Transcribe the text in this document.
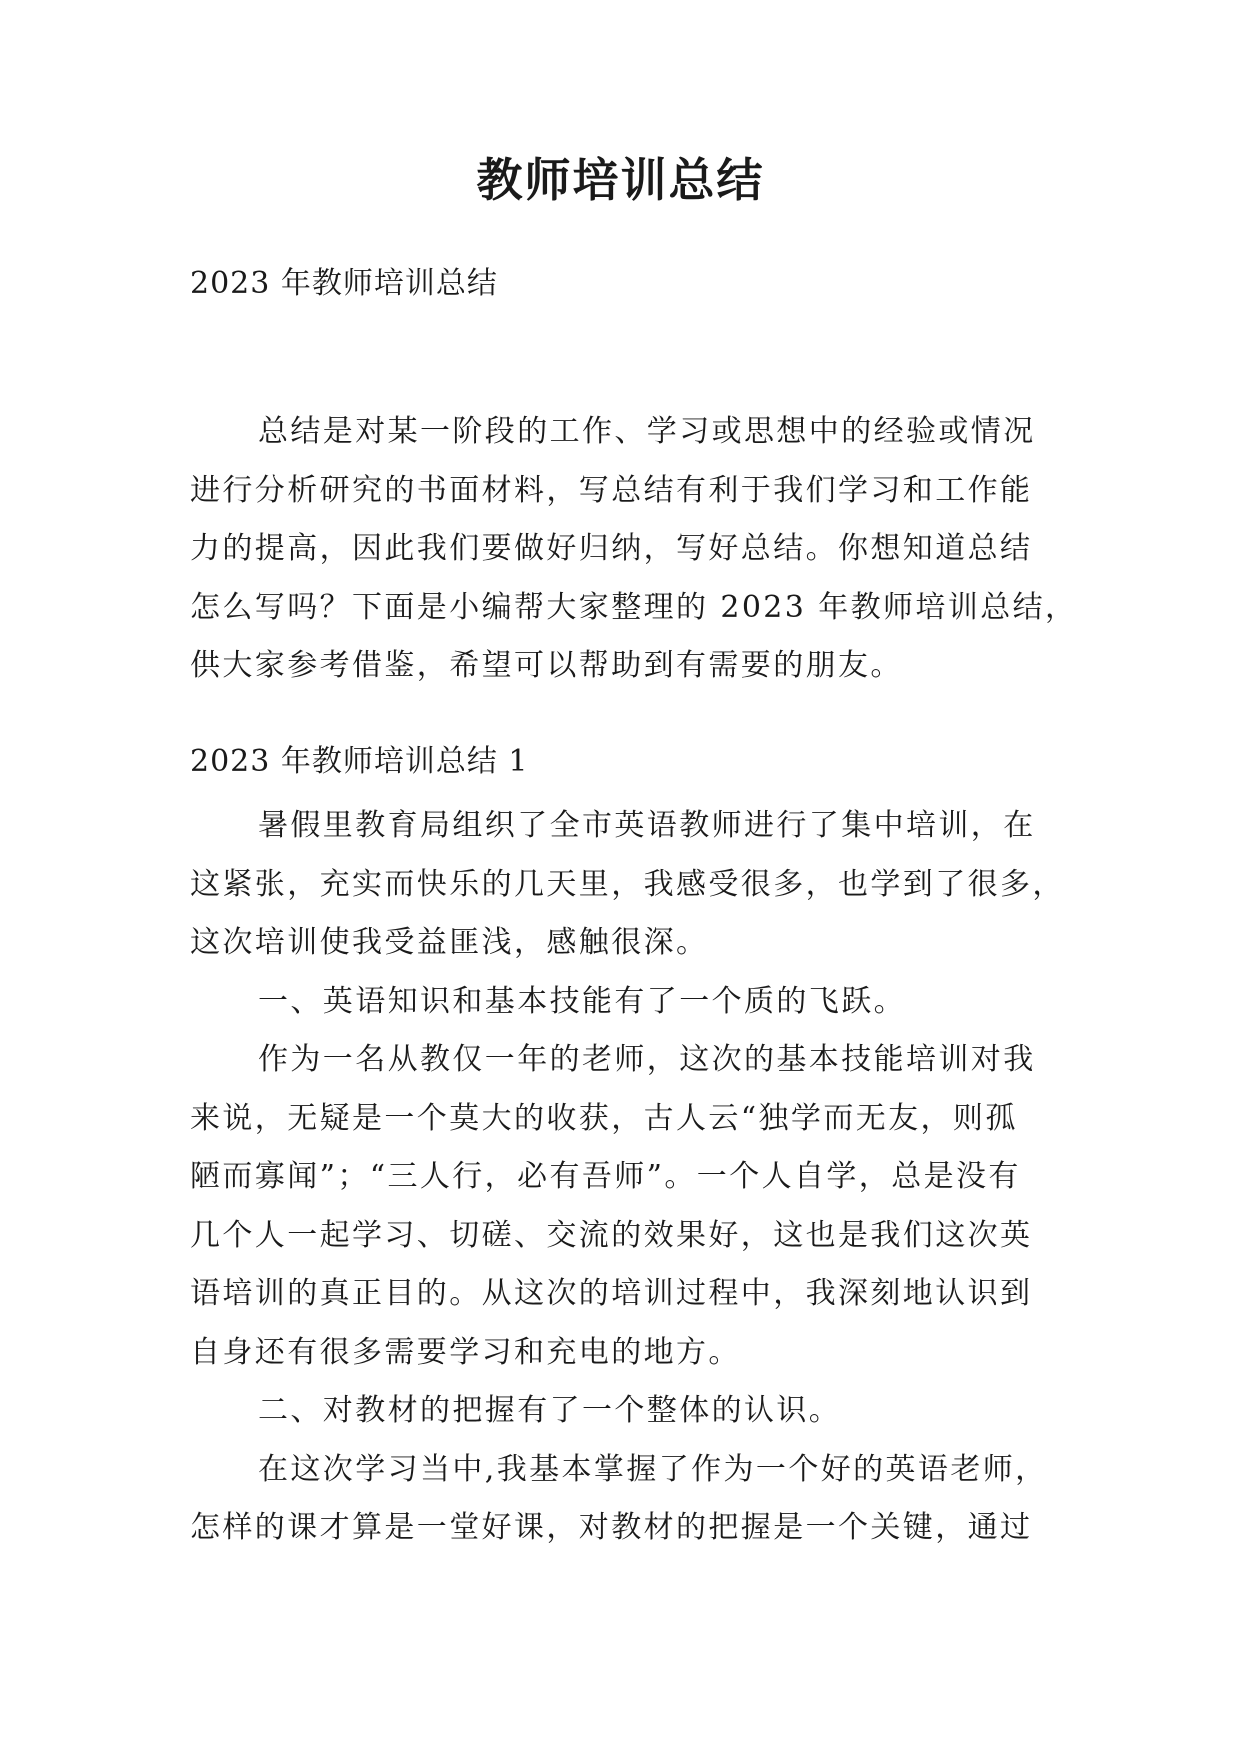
教师培训总结
2023 年教师培训总结
总结是对某一阶段的工作、学习或思想中的经验或情况
进行分析研究的书面材料，写总结有利于我们学习和工作能
力的提高，因此我们要做好归纳，写好总结。你想知道总结
怎么写吗？下面是小编帮大家整理的 2023 年教师培训总结，
供大家参考借鉴，希望可以帮助到有需要的朋友。
2023 年教师培训总结 1
暑假里教育局组织了全市英语教师进行了集中培训，在
这紧张，充实而快乐的几天里，我感受很多，也学到了很多，
这次培训使我受益匪浅，感触很深。
一、英语知识和基本技能有了一个质的飞跃。
作为一名从教仅一年的老师，这次的基本技能培训对我
来说，无疑是一个莫大的收获，古人云“独学而无友，则孤
陋而寡闻”；“三人行，必有吾师”。一个人自学，总是没有
几个人一起学习、切磋、交流的效果好，这也是我们这次英
语培训的真正目的。从这次的培训过程中，我深刻地认识到
自身还有很多需要学习和充电的地方。
二、对教材的把握有了一个整体的认识。
在这次学习当中,我基本掌握了作为一个好的英语老师，
怎样的课才算是一堂好课，对教材的把握是一个关键，通过
